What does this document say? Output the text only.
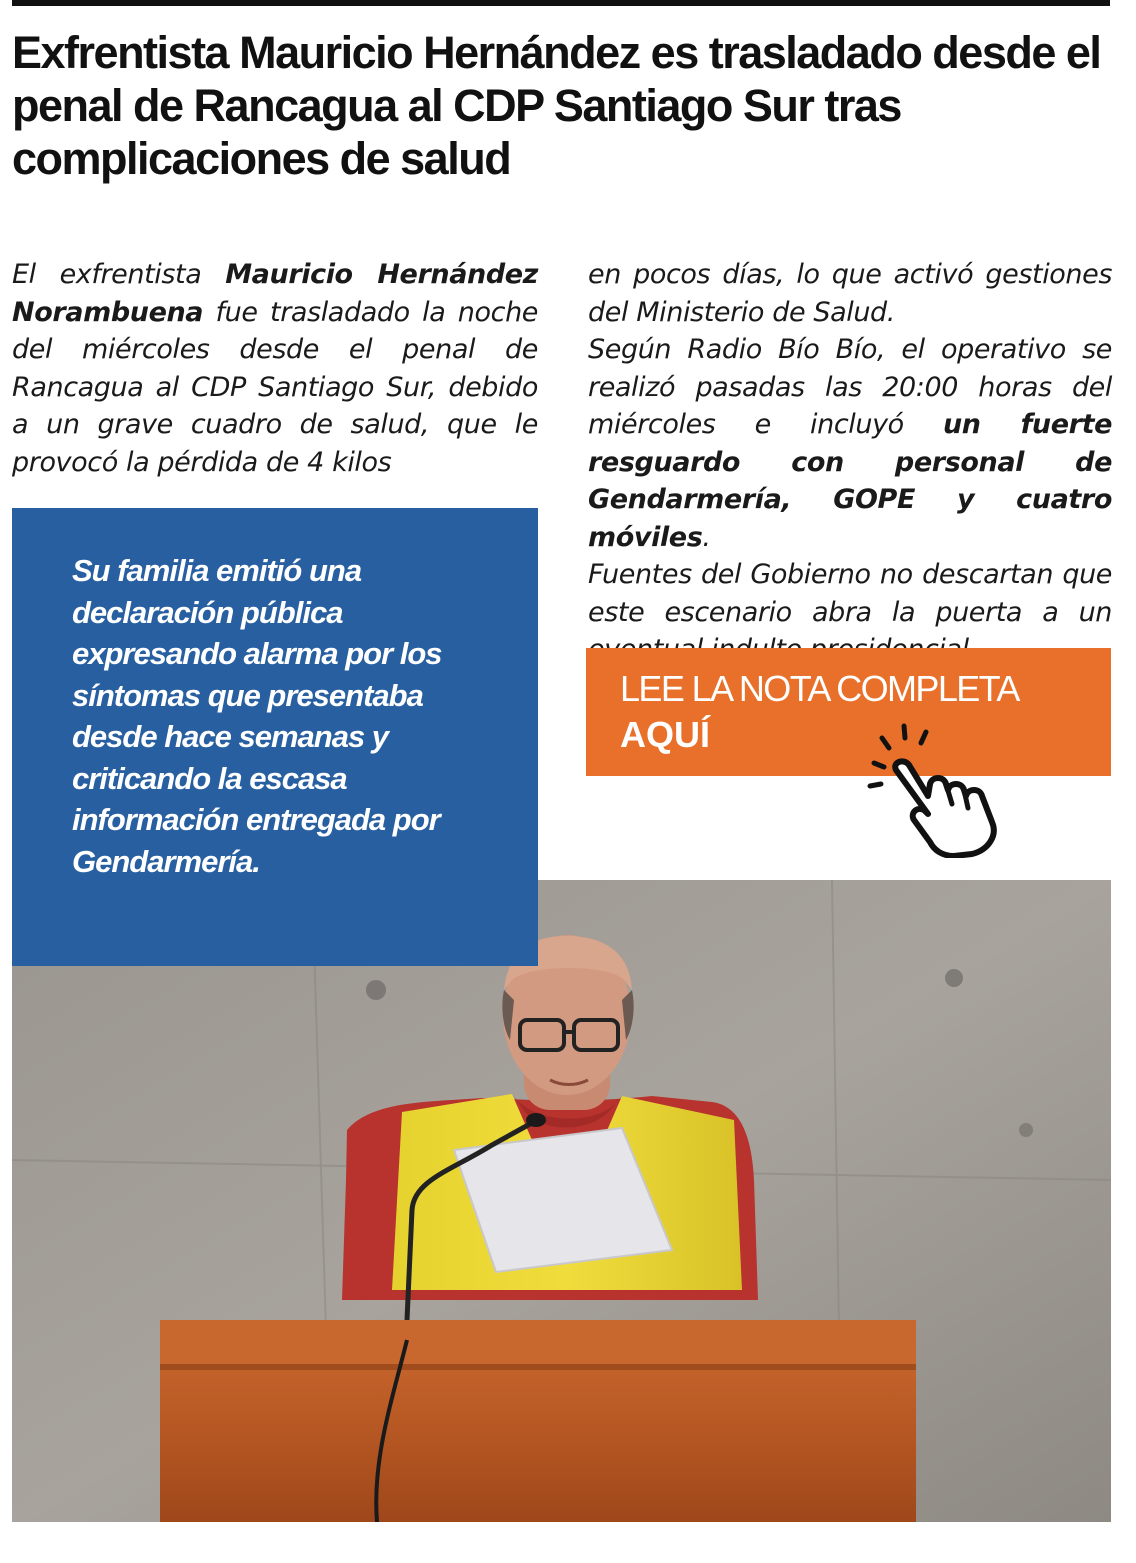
Exfrentista Mauricio Hernández es trasladado desde el penal de Rancagua al CDP Santiago Sur tras complicaciones de salud

El exfrentista Mauricio Hernández Norambuena fue trasladado la noche del miércoles desde el penal de Rancagua al CDP Santiago Sur, debido a un grave cuadro de salud, que le provocó la pérdida de 4 kilos

en pocos días, lo que activó gestiones del Ministerio de Salud.

Según Radio Bío Bío, el operativo se realizó pasadas las 20:00 horas del miércoles e incluyó un fuerte resguardo con personal de Gendarmería, GOPE y cuatro móviles.

Fuentes del Gobierno no descartan que este escenario abra la puerta a un

Su familia emitió una declaración pública expresando alarma por los síntomas que presentaba desde hace semanas y criticando la escasa información entregada por Gendarmería.

LEE LA NOTA COMPLETA
AQUÍ
